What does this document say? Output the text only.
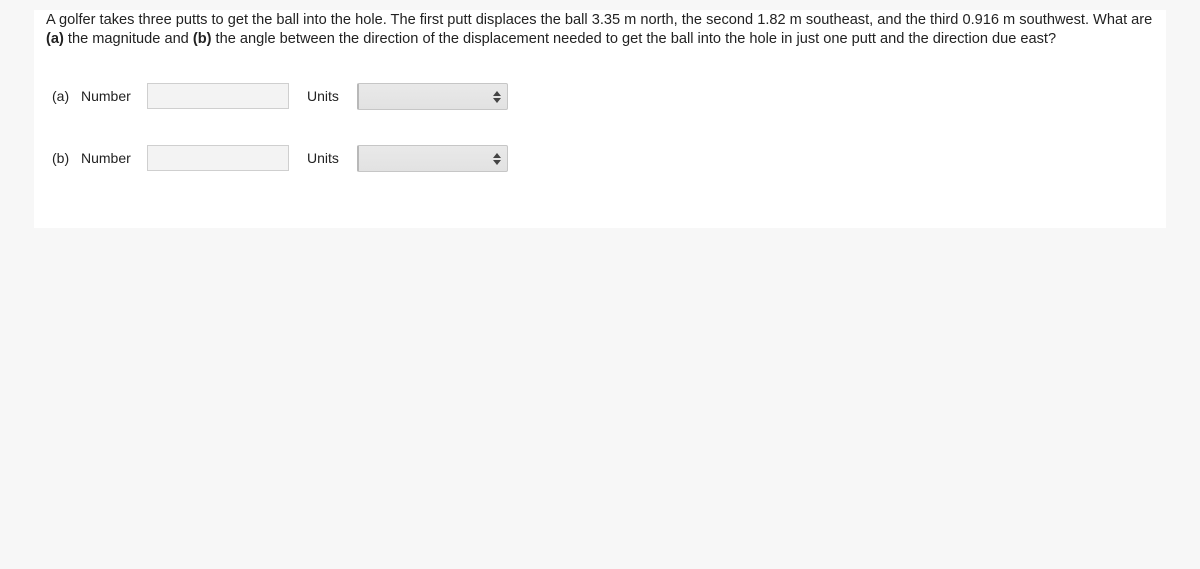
A golfer takes three putts to get the ball into the hole. The first putt displaces the ball 3.35 m north, the second 1.82 m southeast, and the third 0.916 m southwest. What are (a) the magnitude and (b) the angle between the direction of the displacement needed to get the ball into the hole in just one putt and the direction due east?

(a) Number	Units
(b) Number	Units
